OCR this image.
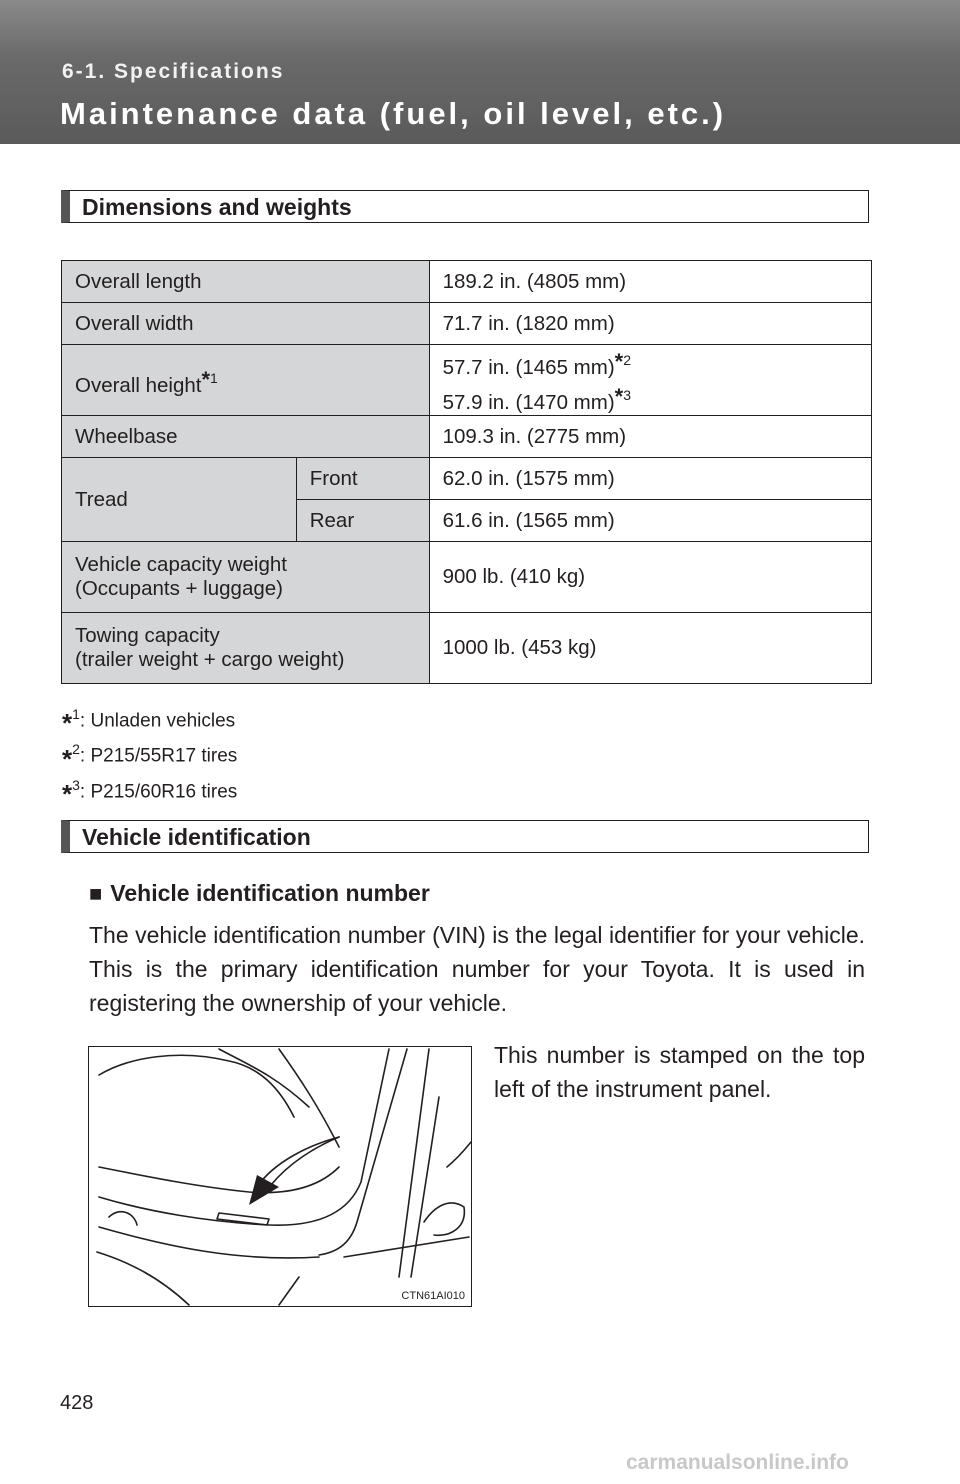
6-1. Specifications
Maintenance data (fuel, oil level, etc.)
Dimensions and weights
Overall length		189.2 in. (4805 mm)
Overall width		71.7 in. (1820 mm)
Overall height$^{*1}$		57.7 in. (1465 mm)$^{*2}$
57.9 in. (1470 mm)$^{*3}$

Wheelbase		109.3 in. (2775 mm)
Tread	Front	62.0 in. (1575 mm)
	Rear	61.6 in. (1565 mm)

Vehicle capacity weight
(Occupants + luggage)		900 lb. (410 kg)

Towing capacity
(trailer weight + cargo weight)		1000 lb. (453 kg)
*$^1$: Unladen vehicles
*$^2$: P215/55R17 tires
*$^3$: P215/60R16 tires
Vehicle identification
■ Vehicle identification number
The vehicle identification number (VIN) is the legal identifier for your vehicle. This is the primary identification number for your Toyota. It is used in registering the ownership of your vehicle.
This number is stamped on the top left of the instrument panel.
CTN61AI010
428
carmanualsonline.info
